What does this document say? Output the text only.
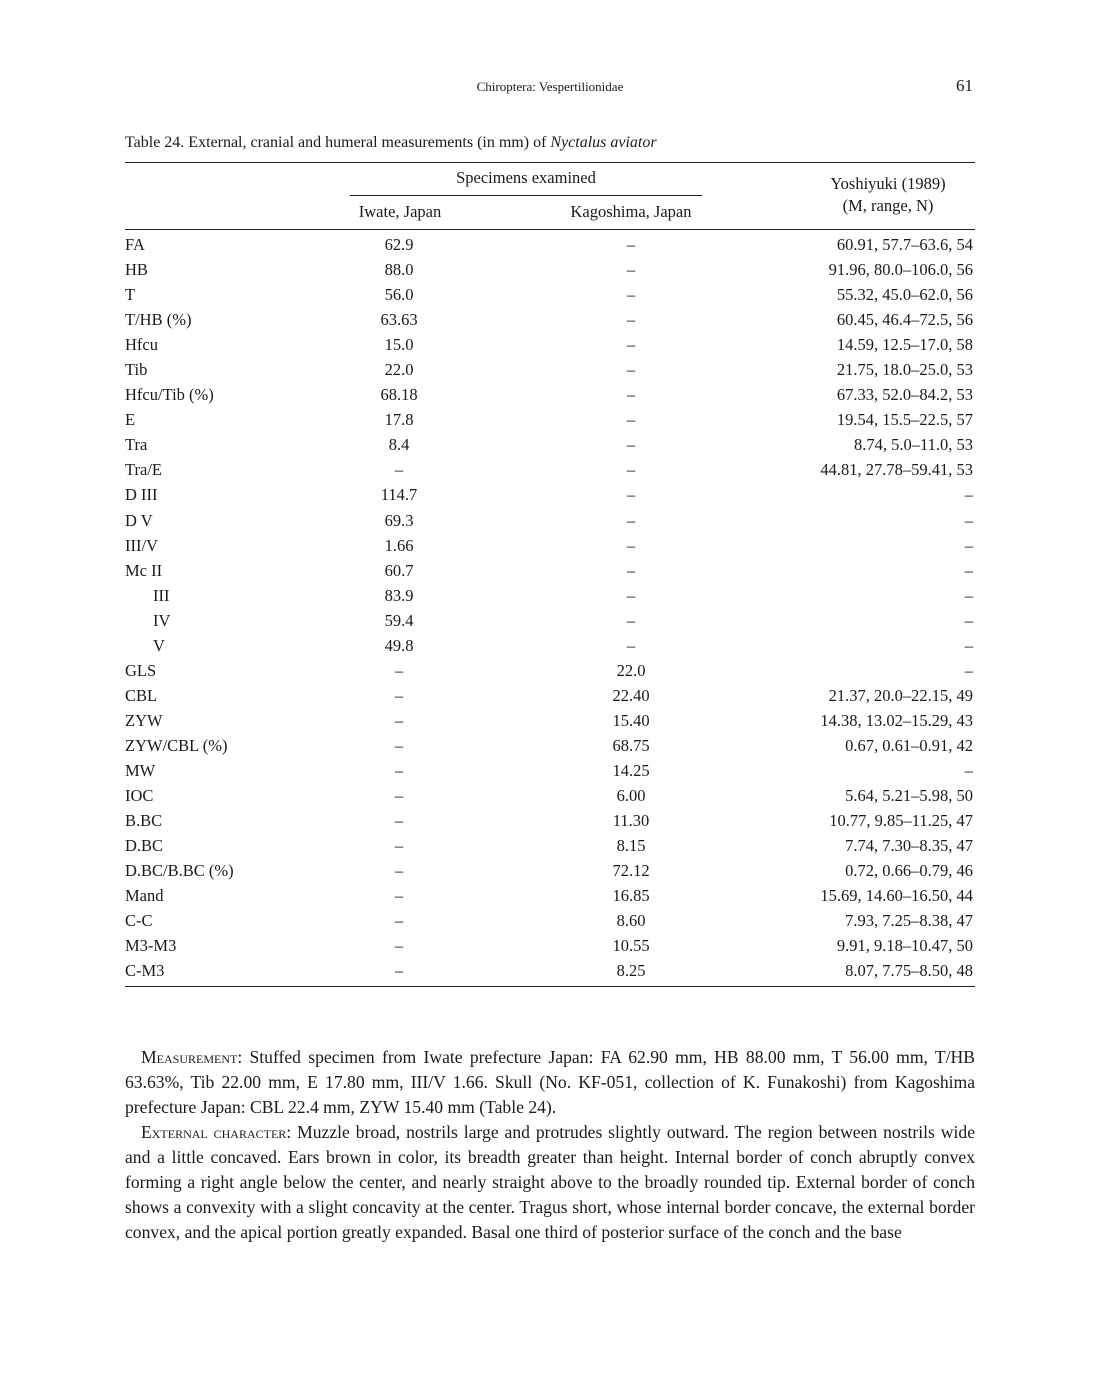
Chiroptera: Vespertilionidae	61
Table 24. External, cranial and humeral measurements (in mm) of Nyctalus aviator
Specimens examined
Iwate, Japan	Kagoshima, Japan
Yoshiyuki (1989)
(M, range, N)
FA	62.9	–	60.91, 57.7–63.6, 54
HB	88.0	–	91.96, 80.0–106.0, 56
T	56.0	–	55.32, 45.0–62.0, 56
T/HB (%)	63.63	–	60.45, 46.4–72.5, 56
Hfcu	15.0	–	14.59, 12.5–17.0, 58
Tib	22.0	–	21.75, 18.0–25.0, 53
Hfcu/Tib (%)	68.18	–	67.33, 52.0–84.2, 53
E	17.8	–	19.54, 15.5–22.5, 57
Tra	8.4	–	8.74, 5.0–11.0, 53
Tra/E	–	–	44.81, 27.78–59.41, 53
D III	114.7	–	–
D V	69.3	–	–
III/V	1.66	–	–
Mc II	60.7	–	–
III	83.9	–	–
IV	59.4	–	–
V	49.8	–	–
GLS	–	22.0	–
CBL	–	22.40	21.37, 20.0–22.15, 49
ZYW	–	15.40	14.38, 13.02–15.29, 43
ZYW/CBL (%)	–	68.75	0.67, 0.61–0.91, 42
MW	–	14.25	–
IOC	–	6.00	5.64, 5.21–5.98, 50
B.BC	–	11.30	10.77, 9.85–11.25, 47
D.BC	–	8.15	7.74, 7.30–8.35, 47
D.BC/B.BC (%)	–	72.12	0.72, 0.66–0.79, 46
Mand	–	16.85	15.69, 14.60–16.50, 44
C-C	–	8.60	7.93, 7.25–8.38, 47
M3-M3	–	10.55	9.91, 9.18–10.47, 50
C-M3	–	8.25	8.07, 7.75–8.50, 48

Measurement: Stuffed specimen from Iwate prefecture Japan: FA 62.90 mm, HB 88.00 mm, T 56.00 mm, T/HB 63.63%, Tib 22.00 mm, E 17.80 mm, III/V 1.66. Skull (No. KF-051, collection of K. Funakoshi) from Kagoshima prefecture Japan: CBL 22.4 mm, ZYW 15.40 mm (Table 24).

External character: Muzzle broad, nostrils large and protrudes slightly outward. The region between nostrils wide and a little concaved. Ears brown in color, its breadth greater than height. Internal border of conch abruptly convex forming a right angle below the center, and nearly straight above to the broadly rounded tip. External border of conch shows a convexity with a slight concavity at the center. Tragus short, whose internal border concave, the external border convex, and the apical portion greatly expanded. Basal one third of posterior surface of the conch and the base
